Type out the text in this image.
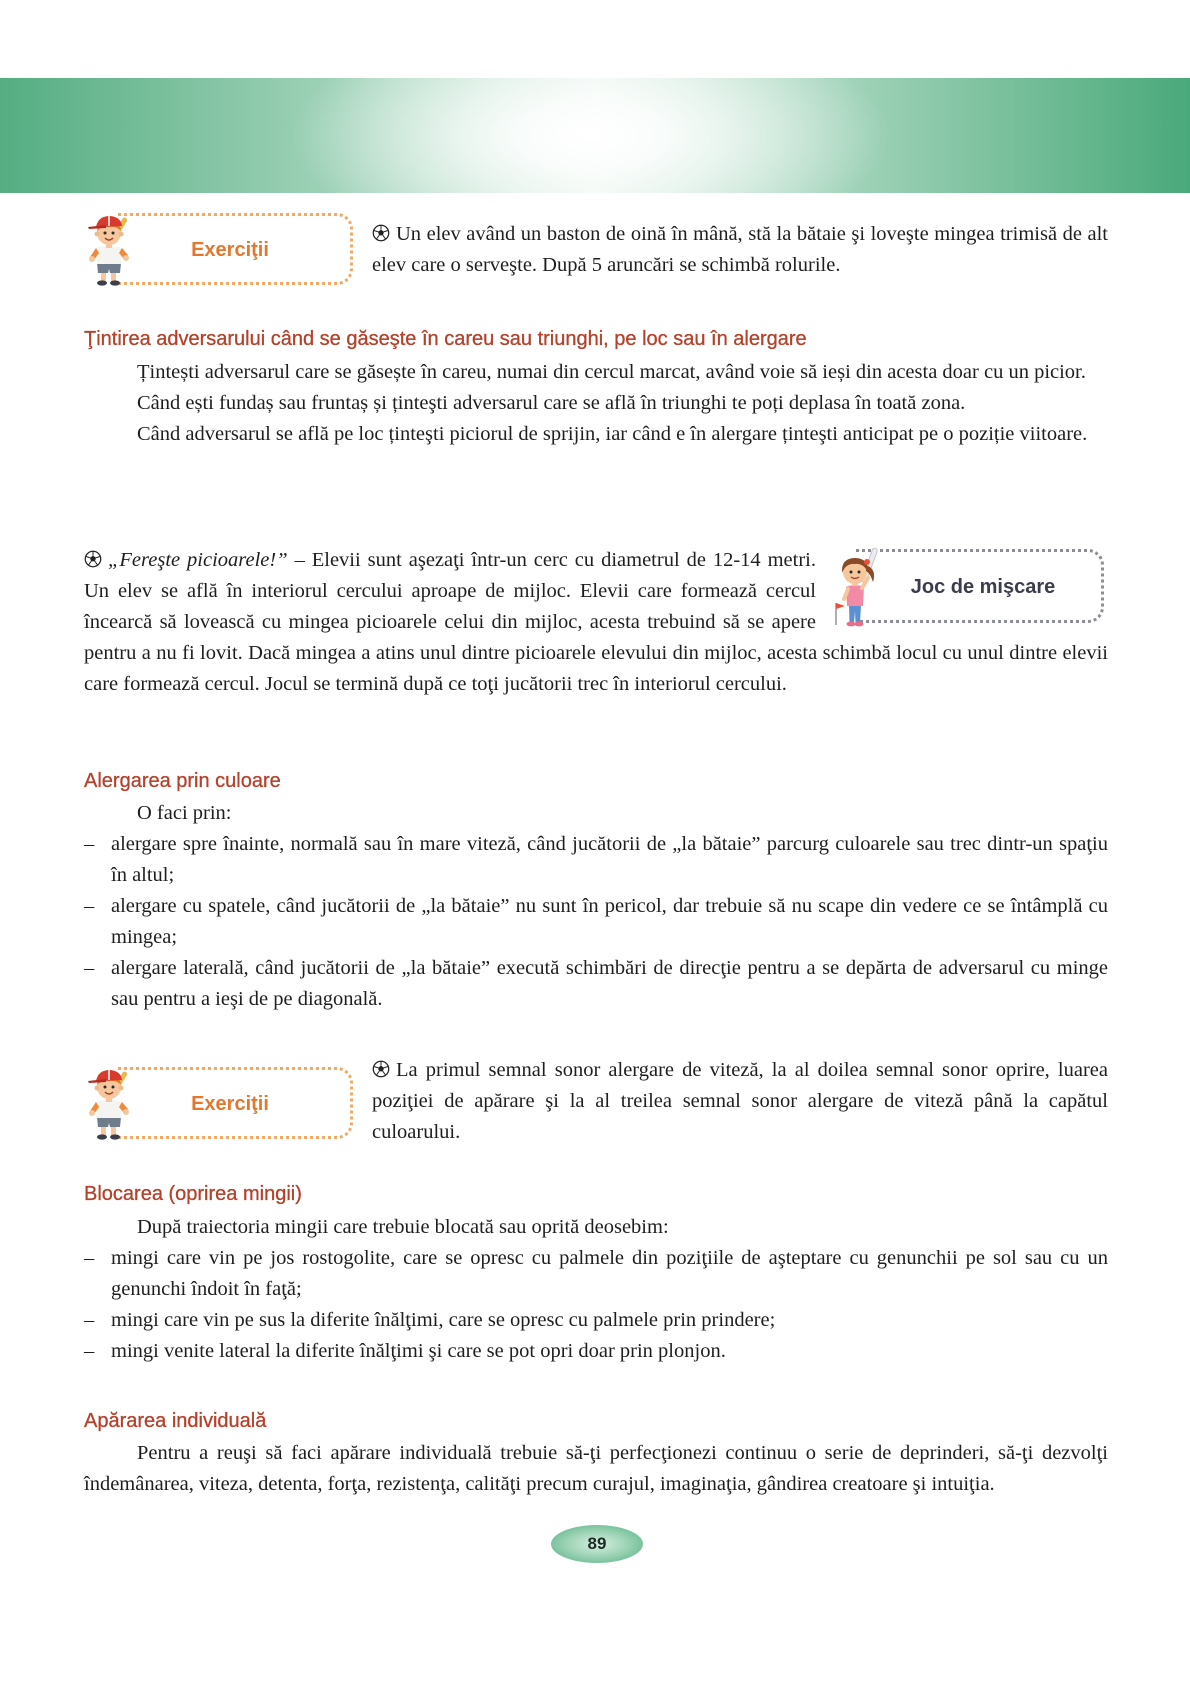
Exerciţii
Un elev având un baston de oină în mână, stă la bătaie şi loveşte mingea trimisă de alt elev care o serveşte. După 5 aruncări se schimbă rolurile.
Ţintirea adversarului când se găseşte în careu sau triunghi, pe loc sau în alergare
Țintești adversarul care se găsește în careu, numai din cercul marcat, având voie să ieși din acesta doar cu un picior.
Când ești fundaș sau fruntaș și ținteşti adversarul care se află în triunghi te poți deplasa în toată zona.
Când adversarul se află pe loc ținteşti piciorul de sprijin, iar când e în alergare ținteşti anticipat pe o poziție viitoare.
Joc de mişcare
„Fereşte picioarele!” – Elevii sunt aşezaţi într-un cerc cu diametrul de 12-14 metri. Un elev se află în interiorul cercului aproape de mijloc. Elevii care formează cercul încearcă să lovească cu mingea picioarele celui din mijloc, acesta trebuind să se apere pentru a nu fi lovit. Dacă mingea a atins unul dintre picioarele elevului din mijloc, acesta schimbă locul cu unul dintre elevii care formează cercul. Jocul se termină după ce toţi jucătorii trec în interiorul cercului.
Alergarea prin culoare
O faci prin:
– alergare spre înainte, normală sau în mare viteză, când jucătorii de „la bătaie” parcurg culoarele sau trec dintr-un spaţiu în altul;
– alergare cu spatele, când jucătorii de „la bătaie” nu sunt în pericol, dar trebuie să nu scape din vedere ce se întâmplă cu mingea;
– alergare laterală, când jucătorii de „la bătaie” execută schimbări de direcţie pentru a se depărta de adversarul cu minge sau pentru a ieşi de pe diagonală.
Exerciţii
La primul semnal sonor alergare de viteză, la al doilea semnal sonor oprire, luarea poziţiei de apărare şi la al treilea semnal sonor alergare de viteză până la capătul culoarului.
Blocarea (oprirea mingii)
După traiectoria mingii care trebuie blocată sau oprită deosebim:
– mingi care vin pe jos rostogolite, care se opresc cu palmele din poziţiile de aşteptare cu genunchii pe sol sau cu un genunchi îndoit în faţă;
– mingi care vin pe sus la diferite înălţimi, care se opresc cu palmele prin prindere;
– mingi venite lateral la diferite înălţimi şi care se pot opri doar prin plonjon.
Apărarea individuală
Pentru a reuşi să faci apărare individuală trebuie să-ţi perfecţionezi continuu o serie de deprinderi, să-ţi dezvolţi îndemânarea, viteza, detenta, forţa, rezistenţa, calităţi precum curajul, imaginaţia, gândirea creatoare şi intuiţia.
89
